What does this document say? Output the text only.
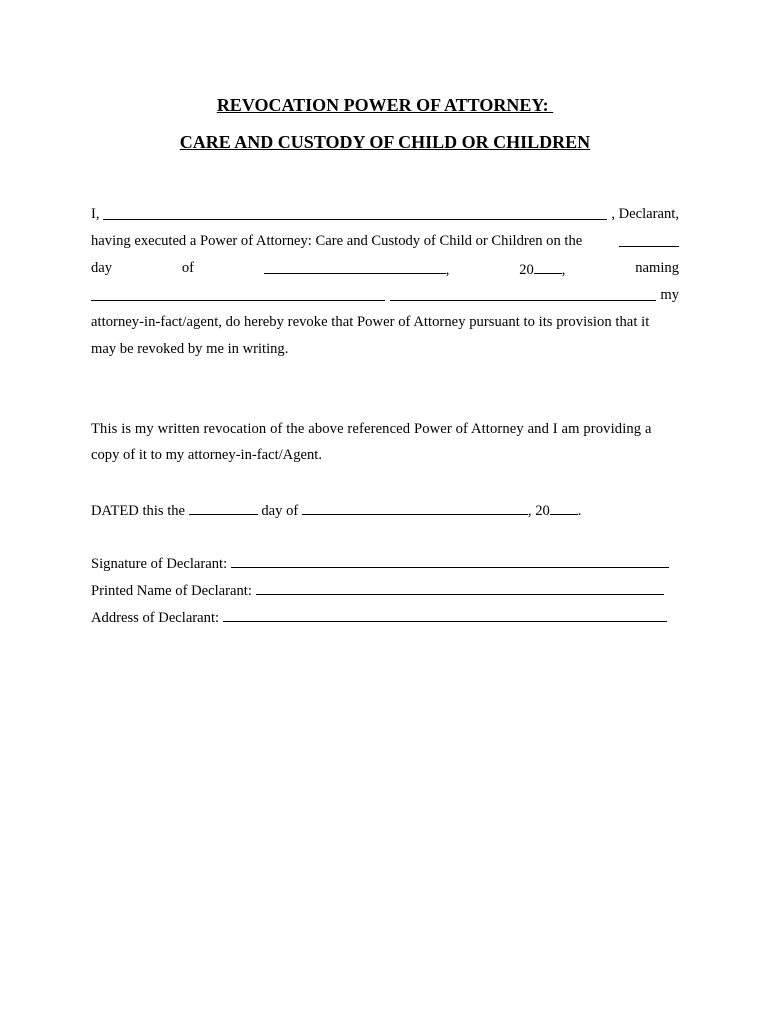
REVOCATION POWER OF ATTORNEY:
CARE AND CUSTODY OF CHILD OR CHILDREN
I,	, Declarant,
having executed a Power of Attorney: Care and Custody of Child or Children on the
day	of	,	20 ,	naming
my
attorney-in-fact/agent, do hereby revoke that Power of Attorney pursuant to its provision that it
may be revoked by me in writing.
This is my written revocation of the above referenced Power of Attorney and I am providing a
copy of it to my attorney-in-fact/Agent.
DATED this the	day of	, 20 .
Signature of Declarant:
Printed Name of Declarant:
Address of Declarant:
